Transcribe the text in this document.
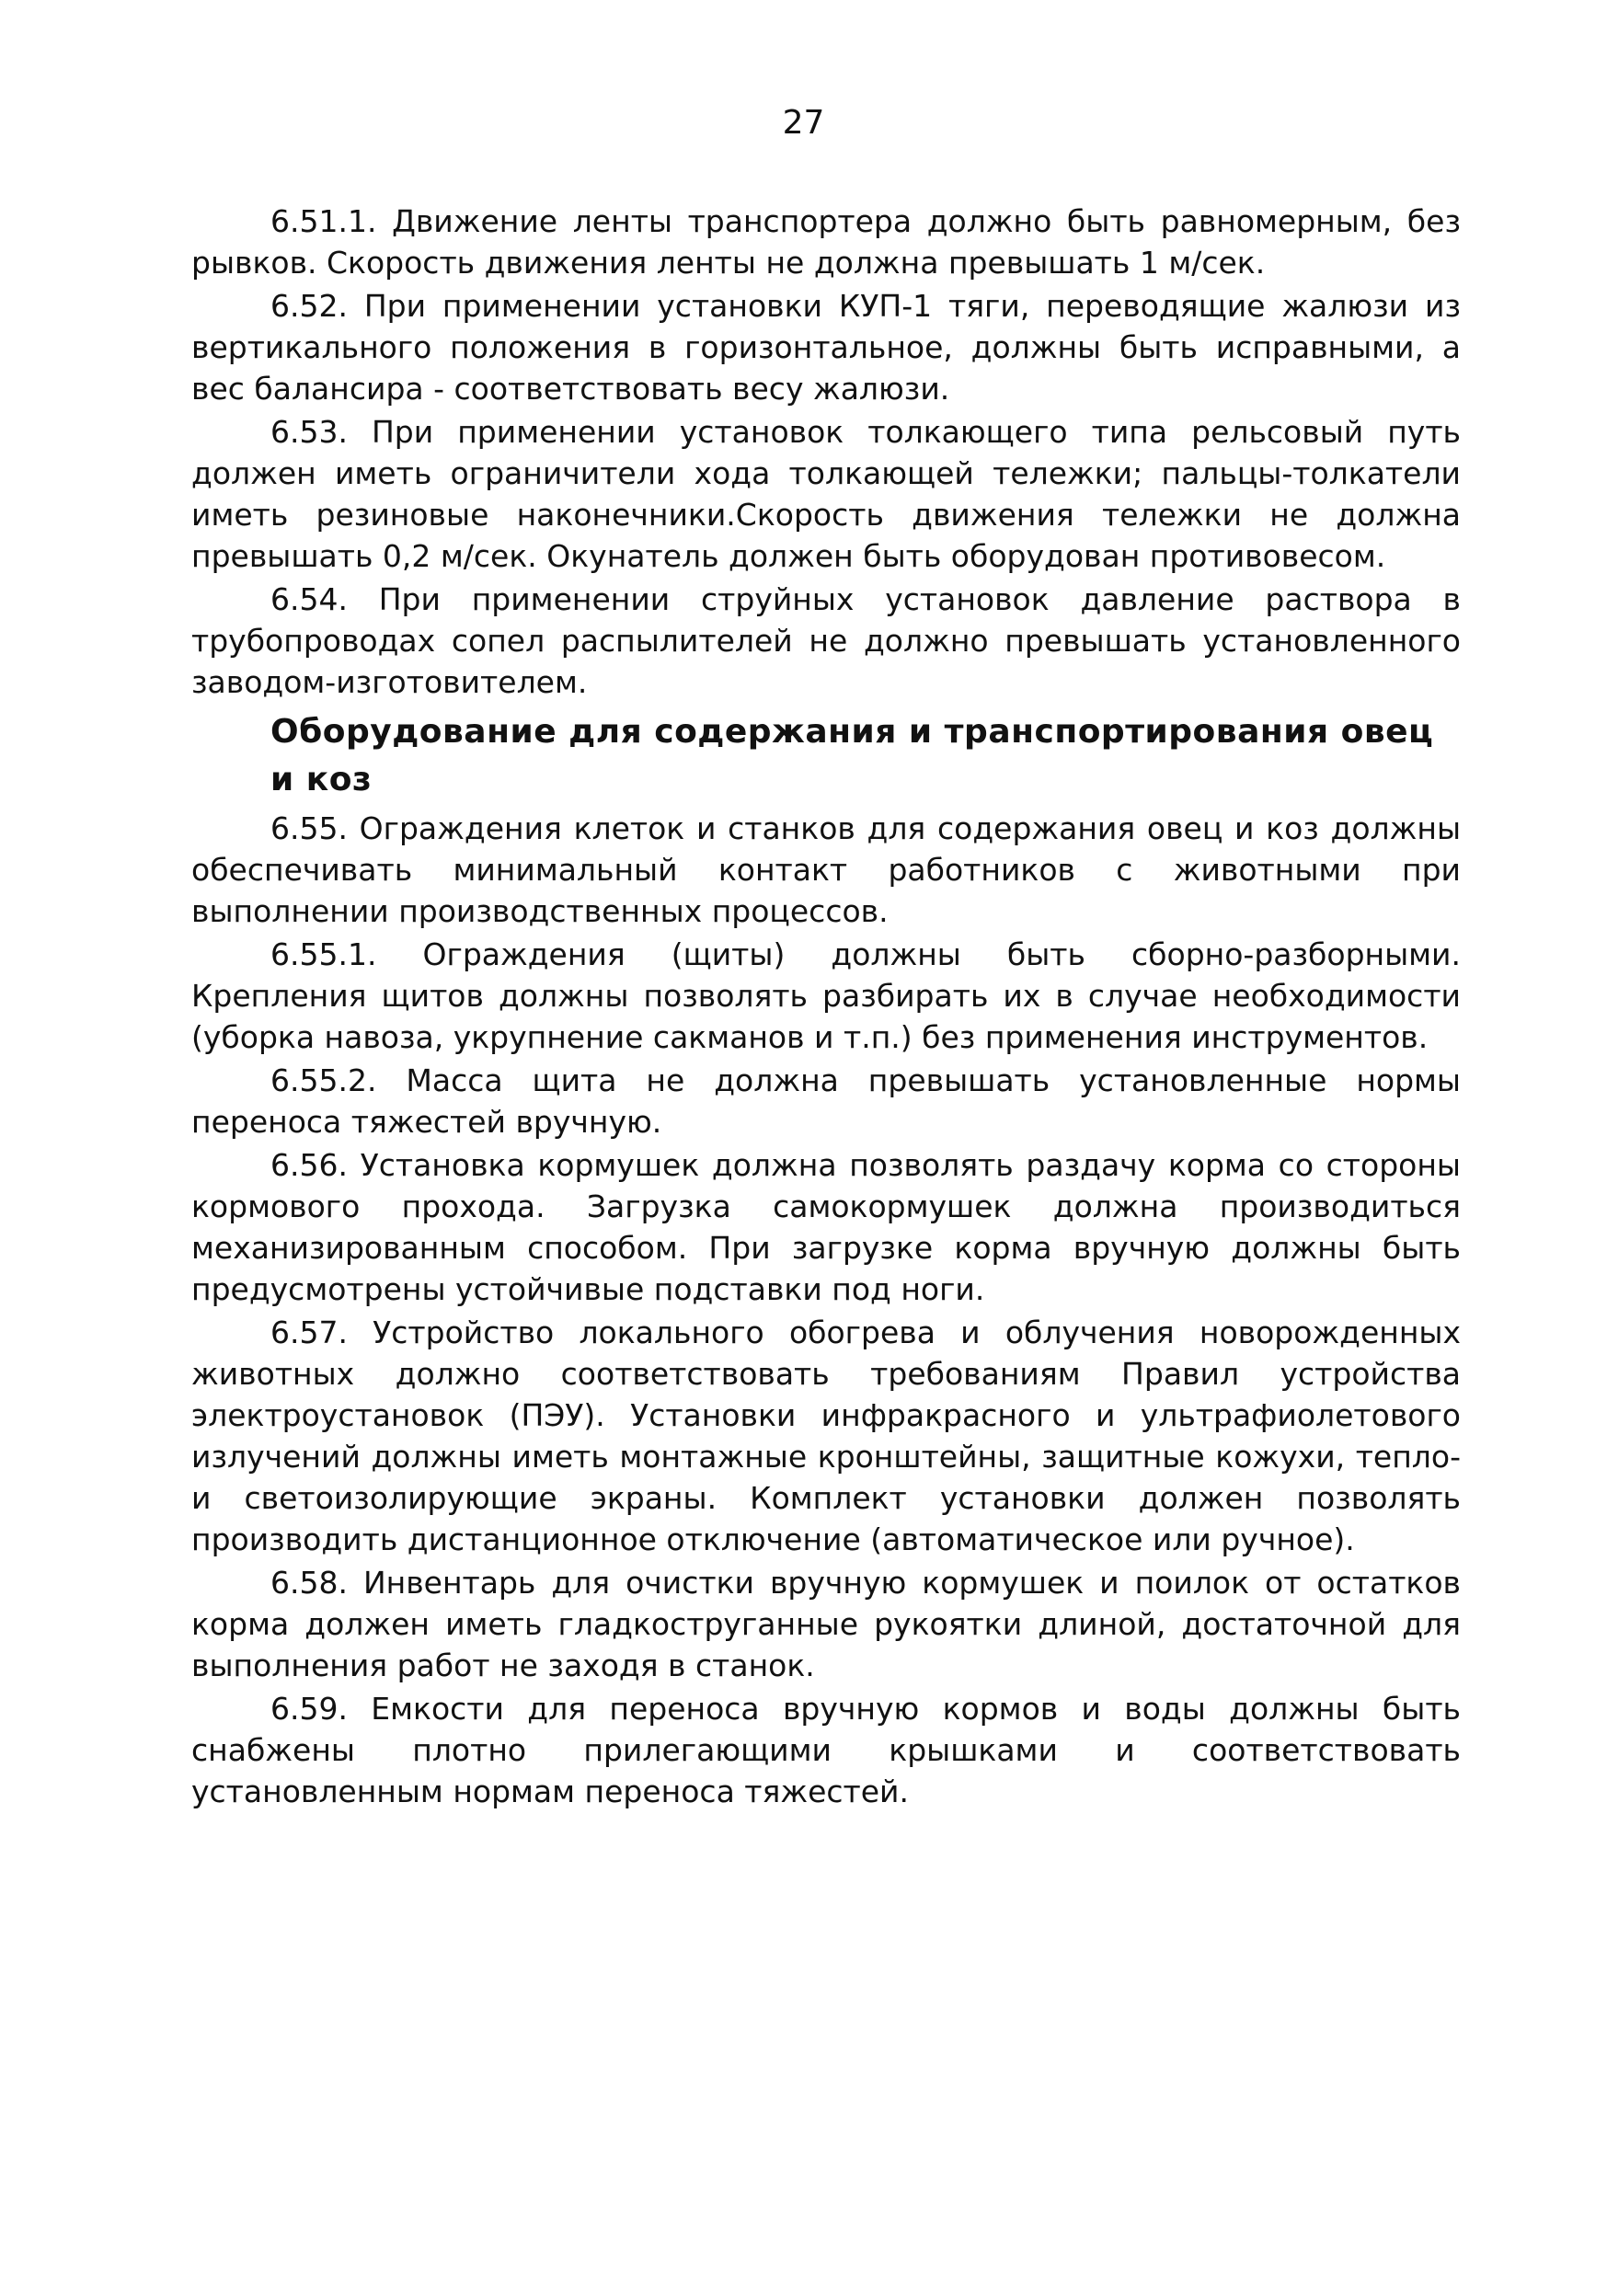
27

6.51.1. Движение ленты транспортера должно быть равномерным, без рывков. Скорость движения ленты не должна превышать 1 м/сек.

6.52. При применении установки КУП-1 тяги, переводящие жалюзи из вертикального положения в горизонтальное, должны быть исправными, а вес балансира - соответствовать весу жалюзи.

6.53. При применении установок толкающего типа рельсовый путь должен иметь ограничители хода толкающей тележки; пальцы-толкатели иметь резиновые наконечники.Скорость движения тележки не должна превышать 0,2 м/сек. Окунатель должен быть оборудован противовесом.

6.54. При применении струйных установок давление раствора в трубопроводах сопел распылителей не должно превышать установленного заводом-изготовителем.

Оборудование для содержания и транспортирования овец и коз

6.55. Ограждения клеток и станков для содержания овец и коз должны обеспечивать минимальный контакт работников с животными при выполнении производственных процессов.

6.55.1. Ограждения (щиты) должны быть сборно-разборными. Крепления щитов должны позволять разбирать их в случае необходимости (уборка навоза, укрупнение сакманов и т.п.) без применения инструментов.

6.55.2. Масса щита не должна превышать установленные нормы переноса тяжестей вручную.

6.56. Установка кормушек должна позволять раздачу корма со стороны кормового прохода. Загрузка самокормушек должна производиться механизированным способом. При загрузке корма вручную должны быть предусмотрены устойчивые подставки под ноги.

6.57. Устройство локального обогрева и облучения новорожденных животных должно соответствовать требованиям Правил устройства электроустановок (ПЭУ). Установки инфракрасного и ультрафиолетового излучений должны иметь монтажные кронштейны, защитные кожухи, тепло- и светоизолирующие экраны. Комплект установки должен позволять производить дистанционное отключение (автоматическое или ручное).

6.58. Инвентарь для очистки вручную кормушек и поилок от остатков корма должен иметь гладкоструганные рукоятки длиной, достаточной для выполнения работ не заходя в станок.

6.59. Емкости для переноса вручную кормов и воды должны быть снабжены плотно прилегающими крышками и соответствовать установленным нормам переноса тяжестей.
